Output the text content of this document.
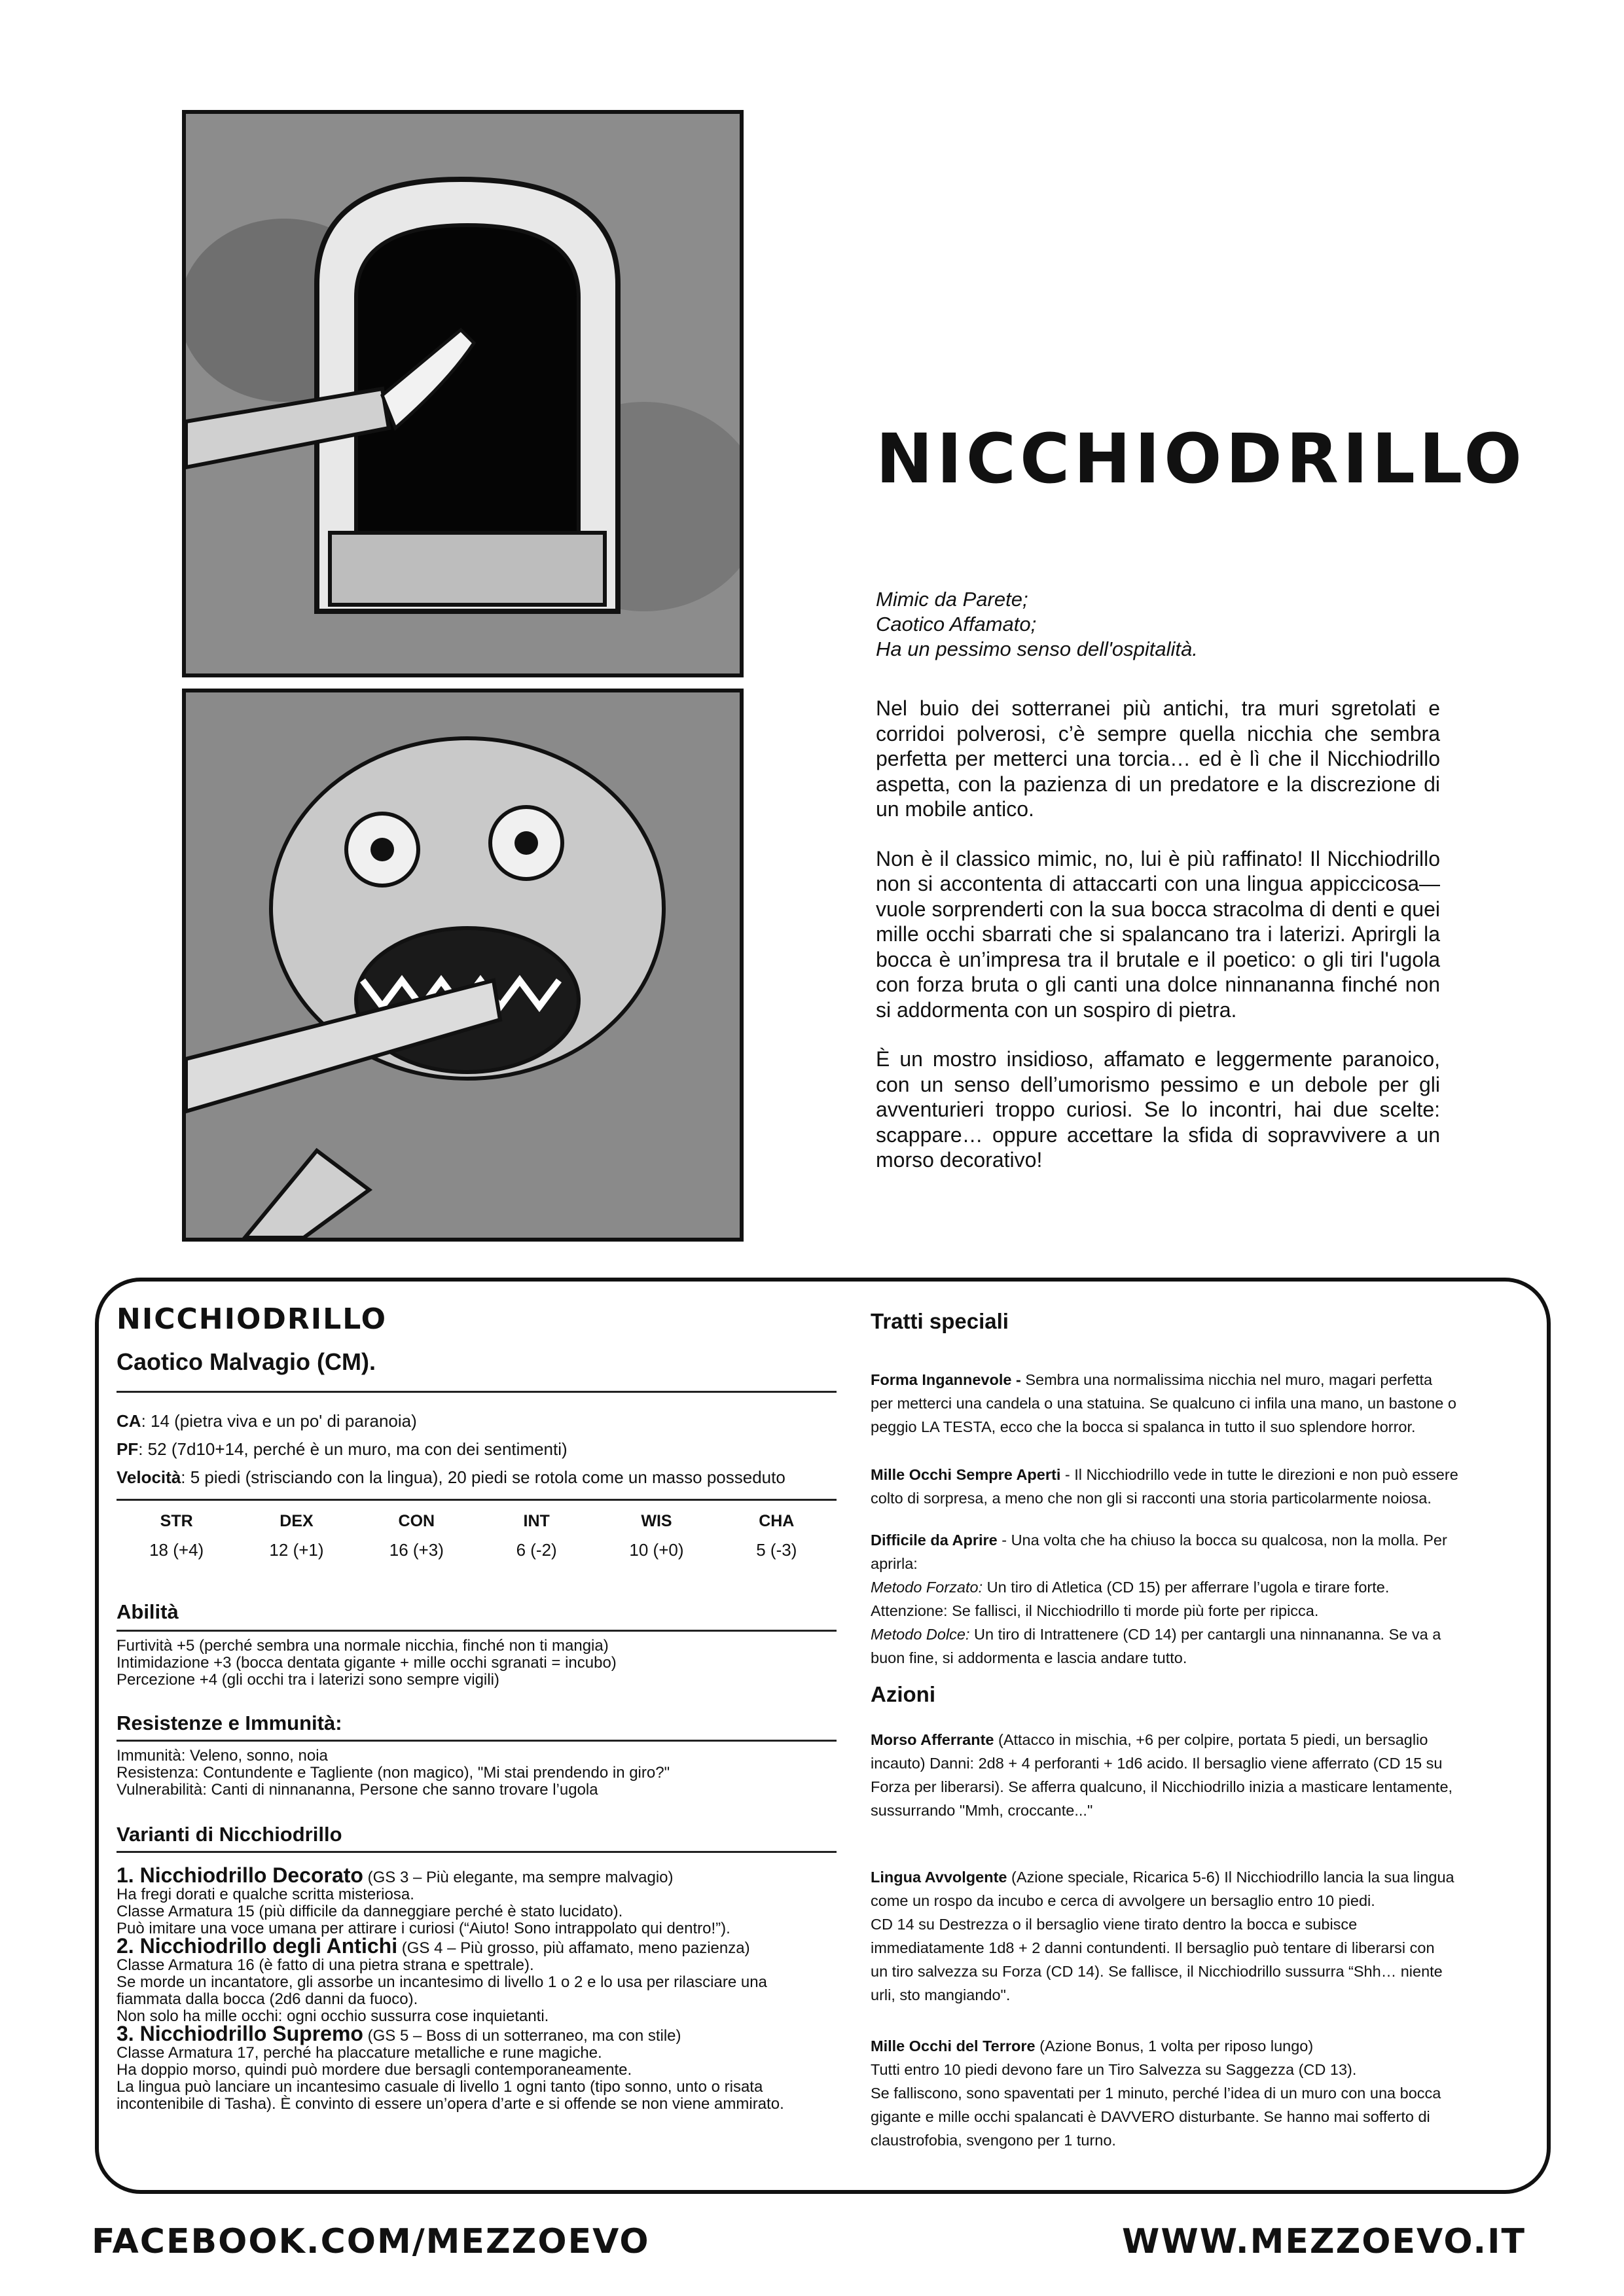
NICCHIODRILLO
Mimic da Parete;
Caotico Affamato;
Ha un pessimo senso dell'ospitalità.

Nel buio dei sotterranei più antichi, tra muri sgretolati e corridoi polverosi, c’è sempre quella nicchia che sembra perfetta per metterci una torcia… ed è lì che il Nicchiodrillo aspetta, con la pazienza di un predatore e la discrezione di un mobile antico.

Non è il classico mimic, no, lui è più raffinato! Il Nicchiodrillo non si accontenta di attaccarti con una lingua appiccicosa—vuole sorprenderti con la sua bocca stracolma di denti e quei mille occhi sbarrati che si spalancano tra i laterizi. Aprirgli la bocca è un’impresa tra il brutale e il poetico: o gli tiri l'ugola con forza bruta o gli canti una dolce ninnananna finché non si addormenta con un sospiro di pietra.

È un mostro insidioso, affamato e leggermente paranoico, con un senso dell’umorismo pessimo e un debole per gli avventurieri troppo curiosi. Se lo incontri, hai due scelte: scappare… oppure accettare la sfida di sopravvivere a un morso decorativo!

NICCHIODRILLO
Caotico Malvagio (CM).
CA: 14 (pietra viva e un po' di paranoia)
PF: 52 (7d10+14, perché è un muro, ma con dei sentimenti)
Velocità: 5 piedi (strisciando con la lingua), 20 piedi se rotola come un masso posseduto
STR
18 (+4)
DEX
12 (+1)
CON
16 (+3)
INT
6 (-2)
WIS
10 (+0)
CHA
5 (-3)
Abilità
Furtività +5 (perché sembra una normale nicchia, finché non ti mangia)
Intimidazione +3 (bocca dentata gigante + mille occhi sgranati = incubo)
Percezione +4 (gli occhi tra i laterizi sono sempre vigili)
Resistenze e Immunità:
Immunità: Veleno, sonno, noia
Resistenza: Contundente e Tagliente (non magico), "Mi stai prendendo in giro?"
Vulnerabilità: Canti di ninnananna, Persone che sanno trovare l’ugola
Varianti di Nicchiodrillo
1. Nicchiodrillo Decorato (GS 3 – Più elegante, ma sempre malvagio)
Ha fregi dorati e qualche scritta misteriosa.
Classe Armatura 15 (più difficile da danneggiare perché è stato lucidato).
Può imitare una voce umana per attirare i curiosi (“Aiuto! Sono intrappolato qui dentro!”).
2. Nicchiodrillo degli Antichi (GS 4 – Più grosso, più affamato, meno pazienza)
Classe Armatura 16 (è fatto di una pietra strana e spettrale).
Se morde un incantatore, gli assorbe un incantesimo di livello 1 o 2 e lo usa per rilasciare una
fiammata dalla bocca (2d6 danni da fuoco).
Non solo ha mille occhi: ogni occhio sussurra cose inquietanti.
3. Nicchiodrillo Supremo (GS 5 – Boss di un sotterraneo, ma con stile)
Classe Armatura 17, perché ha placcature metalliche e rune magiche.
Ha doppio morso, quindi può mordere due bersagli contemporaneamente.
La lingua può lanciare un incantesimo casuale di livello 1 ogni tanto (tipo sonno, unto o risata
incontenibile di Tasha). È convinto di essere un’opera d’arte e si offende se non viene ammirato.
Tratti speciali
Forma Ingannevole - Sembra una normalissima nicchia nel muro, magari perfetta
per metterci una candela o una statuina. Se qualcuno ci infila una mano, un bastone o
peggio LA TESTA, ecco che la bocca si spalanca in tutto il suo splendore horror.
Mille Occhi Sempre Aperti - Il Nicchiodrillo vede in tutte le direzioni e non può essere
colto di sorpresa, a meno che non gli si racconti una storia particolarmente noiosa.
Difficile da Aprire - Una volta che ha chiuso la bocca su qualcosa, non la molla. Per
aprirla:
Metodo Forzato: Un tiro di Atletica (CD 15) per afferrare l’ugola e tirare forte.
Attenzione: Se fallisci, il Nicchiodrillo ti morde più forte per ripicca.
Metodo Dolce: Un tiro di Intrattenere (CD 14) per cantargli una ninnananna. Se va a
buon fine, si addormenta e lascia andare tutto.
Azioni
Morso Afferrante (Attacco in mischia, +6 per colpire, portata 5 piedi, un bersaglio
incauto) Danni: 2d8 + 4 perforanti + 1d6 acido. Il bersaglio viene afferrato (CD 15 su
Forza per liberarsi). Se afferra qualcuno, il Nicchiodrillo inizia a masticare lentamente,
sussurrando "Mmh, croccante..."
Lingua Avvolgente (Azione speciale, Ricarica 5-6) Il Nicchiodrillo lancia la sua lingua
come un rospo da incubo e cerca di avvolgere un bersaglio entro 10 piedi.
CD 14 su Destrezza o il bersaglio viene tirato dentro la bocca e subisce
immediatamente 1d8 + 2 danni contundenti. Il bersaglio può tentare di liberarsi con
un tiro salvezza su Forza (CD 14). Se fallisce, il Nicchiodrillo sussurra “Shh… niente
urli, sto mangiando".
Mille Occhi del Terrore (Azione Bonus, 1 volta per riposo lungo)
Tutti entro 10 piedi devono fare un Tiro Salvezza su Saggezza (CD 13).
Se falliscono, sono spaventati per 1 minuto, perché l’idea di un muro con una bocca
gigante e mille occhi spalancati è DAVVERO disturbante. Se hanno mai sofferto di
claustrofobia, svengono per 1 turno.
FACEBOOK.COM/MEZZOEVO	WWW.MEZZOEVO.IT
